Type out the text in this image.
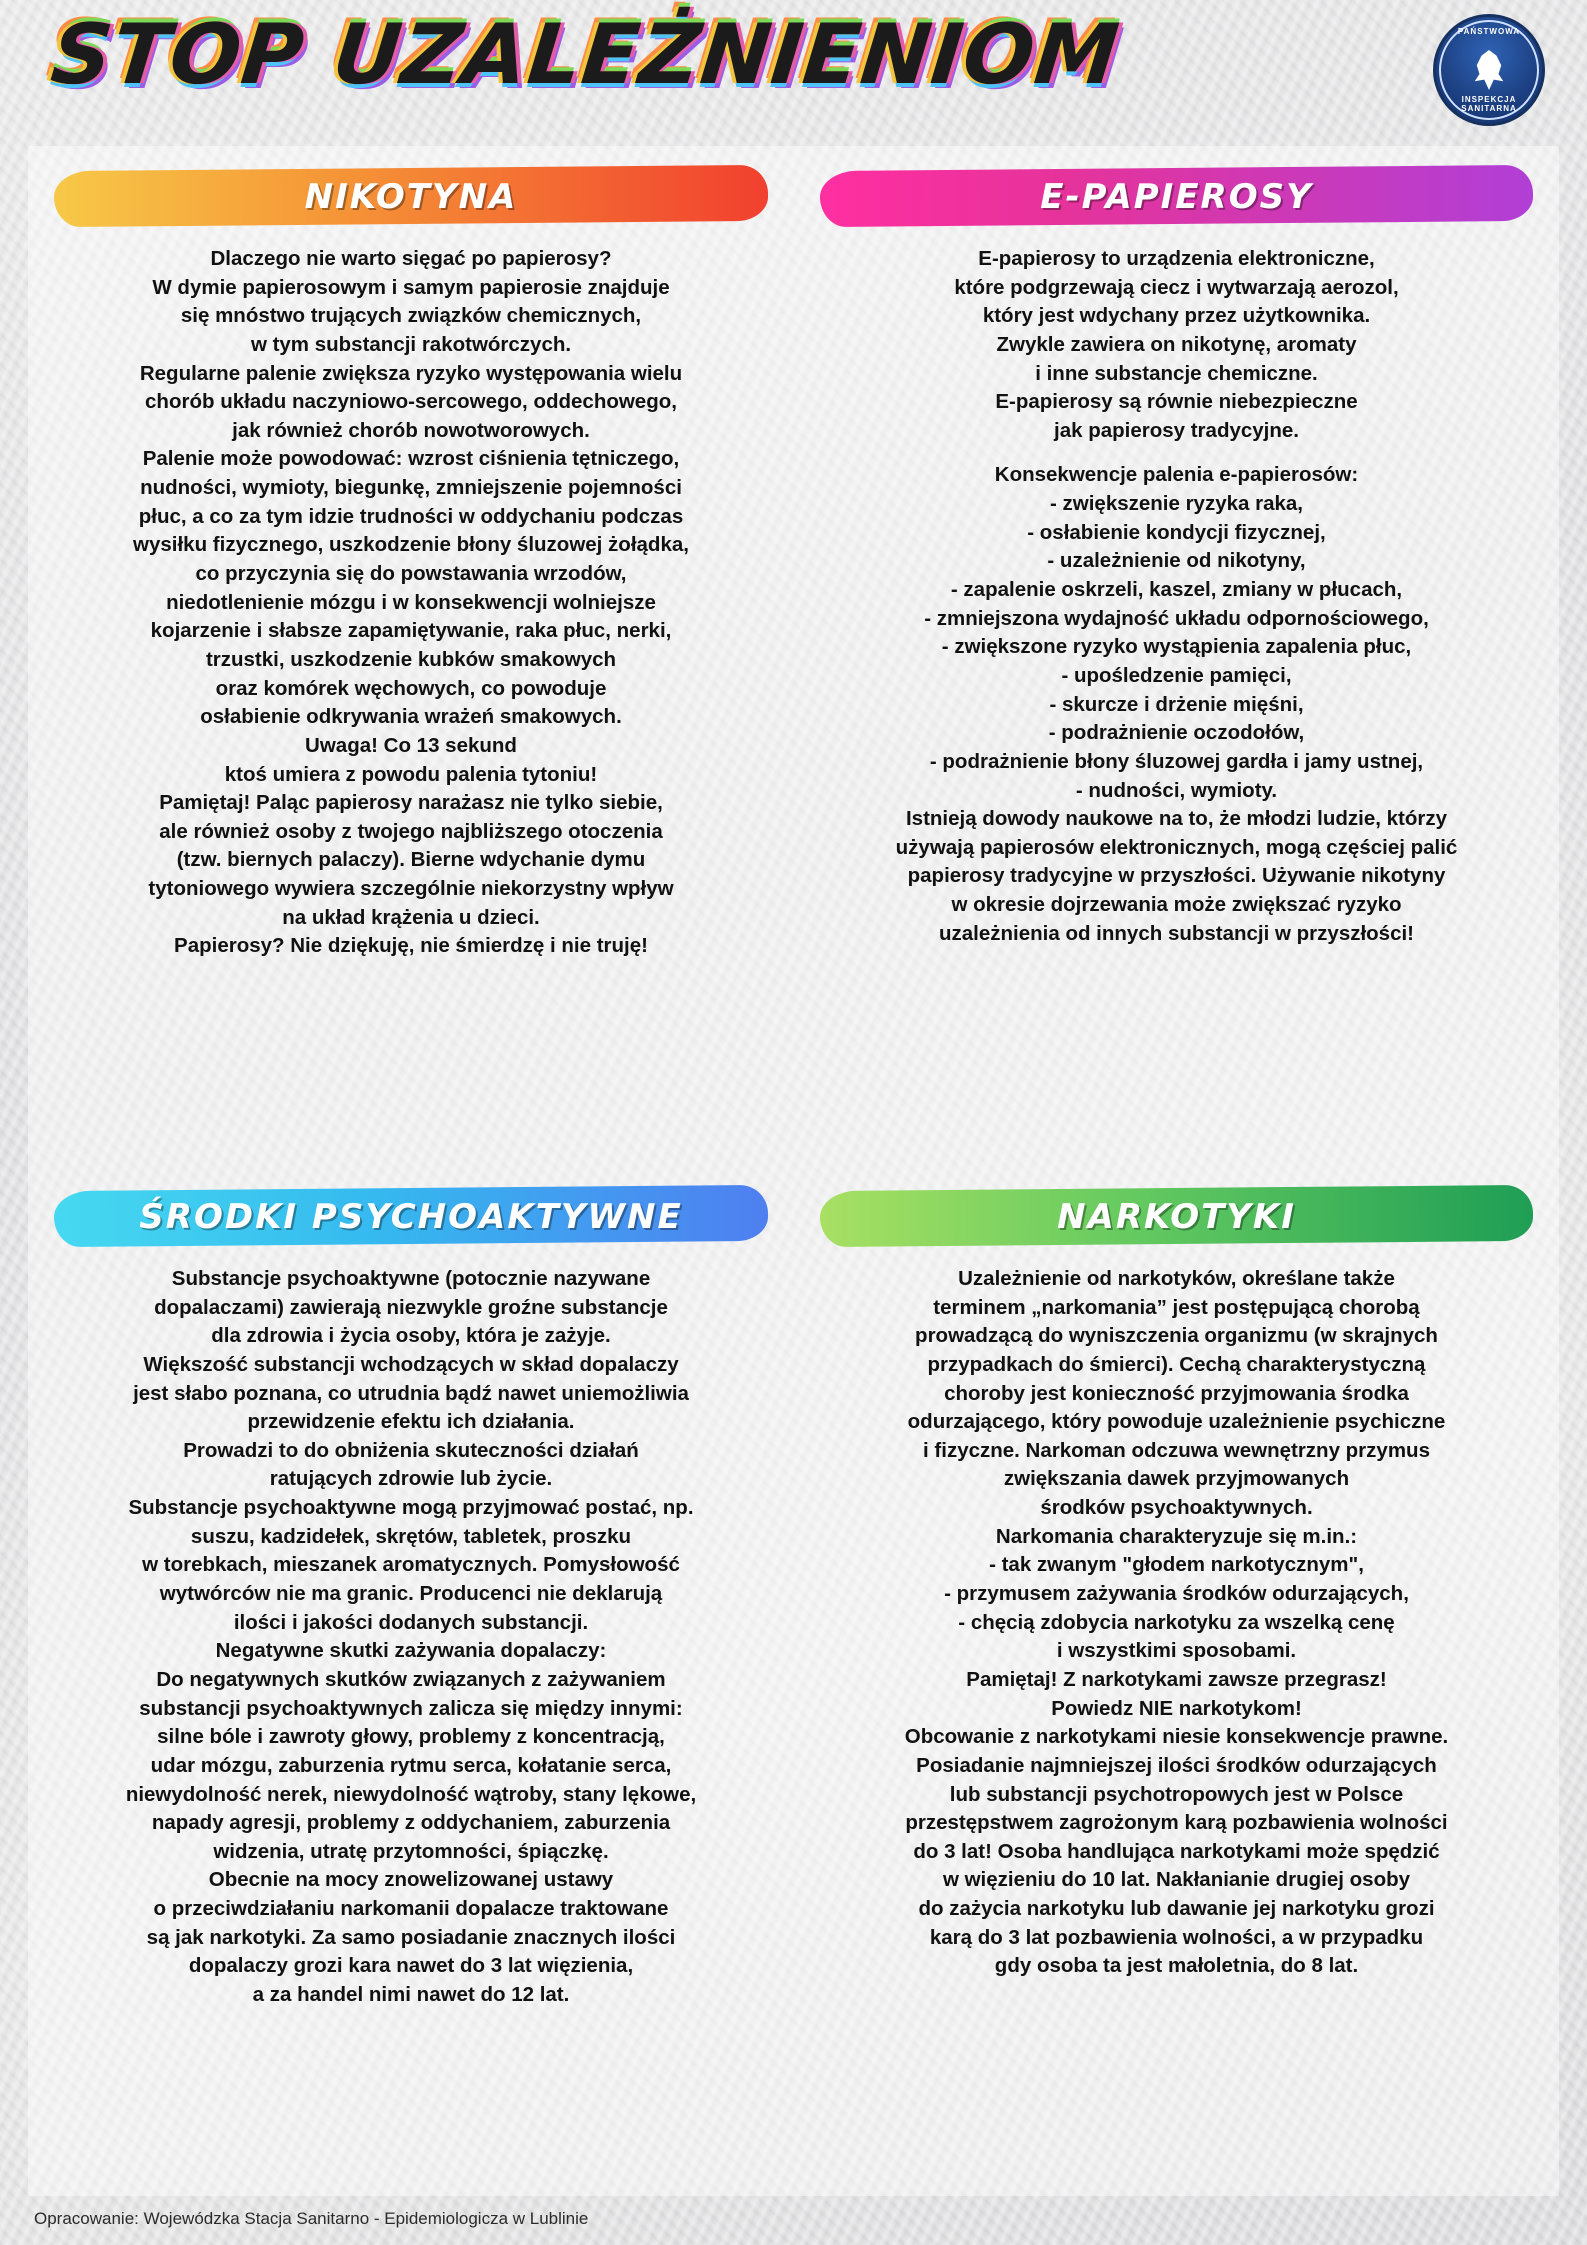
STOP UZALEŻNIENIOM	PAŃSTWOWA
INSPEKCJA SANITARNA
NIKOTYNA

Dlaczego nie warto sięgać po papierosy?

W dymie papierosowym i samym papierosie znajduje

się mnóstwo trujących związków chemicznych,

w tym substancji rakotwórczych.

Regularne palenie zwiększa ryzyko występowania wielu

chorób układu naczyniowo-sercowego, oddechowego,

jak również chorób nowotworowych.

Palenie może powodować: wzrost ciśnienia tętniczego,

nudności, wymioty, biegunkę, zmniejszenie pojemności

płuc, a co za tym idzie trudności w oddychaniu podczas

wysiłku fizycznego, uszkodzenie błony śluzowej żołądka,

co przyczynia się do powstawania wrzodów,

niedotlenienie mózgu i w konsekwencji wolniejsze

kojarzenie i słabsze zapamiętywanie, raka płuc, nerki,

trzustki, uszkodzenie kubków smakowych

oraz komórek węchowych, co powoduje

osłabienie odkrywania wrażeń smakowych.

Uwaga! Co 13 sekund

ktoś umiera z powodu palenia tytoniu!

Pamiętaj! Paląc papierosy narażasz nie tylko siebie,

ale również osoby z twojego najbliższego otoczenia

(tzw. biernych palaczy). Bierne wdychanie dymu

tytoniowego wywiera szczególnie niekorzystny wpływ

na układ krążenia u dzieci.

Papierosy? Nie dziękuję, nie śmierdzę i nie truję!

E-PAPIEROSY

E-papierosy to urządzenia elektroniczne,

które podgrzewają ciecz i wytwarzają aerozol,

który jest wdychany przez użytkownika.

Zwykle zawiera on nikotynę, aromaty

i inne substancje chemiczne.

E-papierosy są równie niebezpieczne

jak papierosy tradycyjne.

Konsekwencje palenia e-papierosów:

- zwiększenie ryzyka raka,

- osłabienie kondycji fizycznej,

- uzależnienie od nikotyny,

- zapalenie oskrzeli, kaszel, zmiany w płucach,

- zmniejszona wydajność układu odpornościowego,

- zwiększone ryzyko wystąpienia zapalenia płuc,

- upośledzenie pamięci,

- skurcze i drżenie mięśni,

- podrażnienie oczodołów,

- podrażnienie błony śluzowej gardła i jamy ustnej,

- nudności, wymioty.

Istnieją dowody naukowe na to, że młodzi ludzie, którzy

używają papierosów elektronicznych, mogą częściej palić

papierosy tradycyjne w przyszłości. Używanie nikotyny

w okresie dojrzewania może zwiększać ryzyko

uzależnienia od innych substancji w przyszłości!

ŚRODKI PSYCHOAKTYWNE

Substancje psychoaktywne (potocznie nazywane

dopalaczami) zawierają niezwykle groźne substancje

dla zdrowia i życia osoby, która je zażyje.

Większość substancji wchodzących w skład dopalaczy

jest słabo poznana, co utrudnia bądź nawet uniemożliwia

przewidzenie efektu ich działania.

Prowadzi to do obniżenia skuteczności działań

ratujących zdrowie lub życie.

Substancje psychoaktywne mogą przyjmować postać, np.

suszu, kadzidełek, skrętów, tabletek, proszku

w torebkach, mieszanek aromatycznych. Pomysłowość

wytwórców nie ma granic. Producenci nie deklarują

ilości i jakości dodanych substancji.

Negatywne skutki zażywania dopalaczy:

Do negatywnych skutków związanych z zażywaniem

substancji psychoaktywnych zalicza się między innymi:

silne bóle i zawroty głowy, problemy z koncentracją,

udar mózgu, zaburzenia rytmu serca, kołatanie serca,

niewydolność nerek, niewydolność wątroby, stany lękowe,

napady agresji, problemy z oddychaniem, zaburzenia

widzenia, utratę przytomności, śpiączkę.

Obecnie na mocy znowelizowanej ustawy

o przeciwdziałaniu narkomanii dopalacze traktowane

są jak narkotyki. Za samo posiadanie znacznych ilości

dopalaczy grozi kara nawet do 3 lat więzienia,

a za handel nimi nawet do 12 lat.

NARKOTYKI

Uzależnienie od narkotyków, określane także

terminem „narkomania” jest postępującą chorobą

prowadzącą do wyniszczenia organizmu (w skrajnych

przypadkach do śmierci). Cechą charakterystyczną

choroby jest konieczność przyjmowania środka

odurzającego, który powoduje uzależnienie psychiczne

i fizyczne. Narkoman odczuwa wewnętrzny przymus

zwiększania dawek przyjmowanych

środków psychoaktywnych.

Narkomania charakteryzuje się m.in.:

- tak zwanym "głodem narkotycznym",

- przymusem zażywania środków odurzających,

- chęcią zdobycia narkotyku za wszelką cenę

i wszystkimi sposobami.

Pamiętaj! Z narkotykami zawsze przegrasz!

Powiedz NIE narkotykom!

Obcowanie z narkotykami niesie konsekwencje prawne.

Posiadanie najmniejszej ilości środków odurzających

lub substancji psychotropowych jest w Polsce

przestępstwem zagrożonym karą pozbawienia wolności

do 3 lat! Osoba handlująca narkotykami może spędzić

w więzieniu do 10 lat. Nakłanianie drugiej osoby

do zażycia narkotyku lub dawanie jej narkotyku grozi

karą do 3 lat pozbawienia wolności, a w przypadku

gdy osoba ta jest małoletnia, do 8 lat.

Opracowanie: Wojewódzka Stacja Sanitarno - Epidemiologicza w Lublinie
